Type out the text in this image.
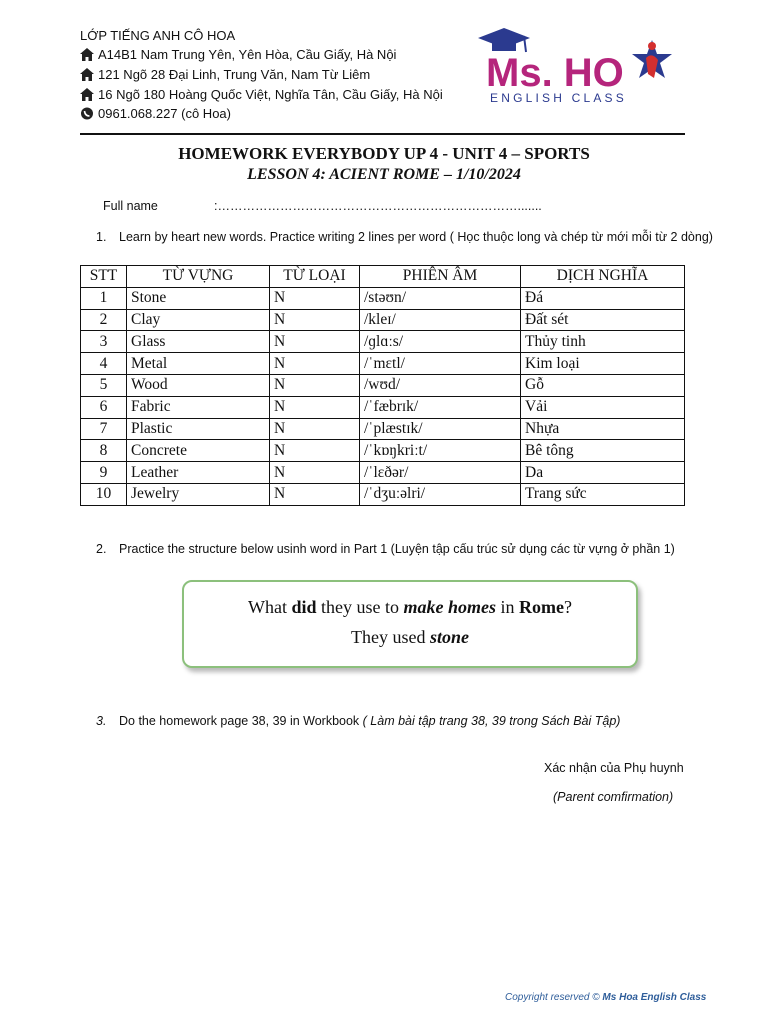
LỚP TIẾNG ANH CÔ HOA
A14B1 Nam Trung Yên, Yên Hòa, Cầu Giấy, Hà Nội
121 Ngõ 28 Đại Linh, Trung Văn, Nam Từ Liêm
16 Ngõ 180 Hoàng Quốc Việt, Nghĩa Tân, Cầu Giấy, Hà Nội
0961.068.227 (cô Hoa)
Ms. HO
ENGLISH CLASS
HOMEWORK EVERYBODY UP 4 - UNIT 4 – SPORTS
LESSON 4: ACIENT ROME – 1/10/2024
Full name	:……………………………………………………………….......
1. Learn by heart new words. Practice writing 2 lines per word ( Học thuộc long và chép từ mới mỗi từ 2 dòng)
STT	TỪ VỰNG	TỪ LOẠI	PHIÊN ÂM	DỊCH NGHĨA
1	Stone	N	/stəʊn/	Đá
2	Clay	N	/kleɪ/	Đất sét
3	Glass	N	/ɡlɑːs/	Thủy tinh
4	Metal	N	/ˈmɛtl/	Kim loại
5	Wood	N	/wʊd/	Gỗ
6	Fabric	N	/ˈfæbrɪk/	Vải
7	Plastic	N	/ˈplæstɪk/	Nhựa
8	Concrete	N	/ˈkɒŋkriːt/	Bê tông
9	Leather	N	/ˈlɛðər/	Da
10	Jewelry	N	/ˈdʒuːəlri/	Trang sức
2. Practice the structure below usinh word in Part 1 (Luyện tập cấu trúc sử dụng các từ vựng ở phần 1)
What did they use to make homes in Rome?
They used stone
3. Do the homework page 38, 39 in Workbook ( Làm bài tập trang 38, 39 trong Sách Bài Tập)
Xác nhận của Phụ huynh
(Parent comfirmation)
Copyright reserved © Ms Hoa English Class
